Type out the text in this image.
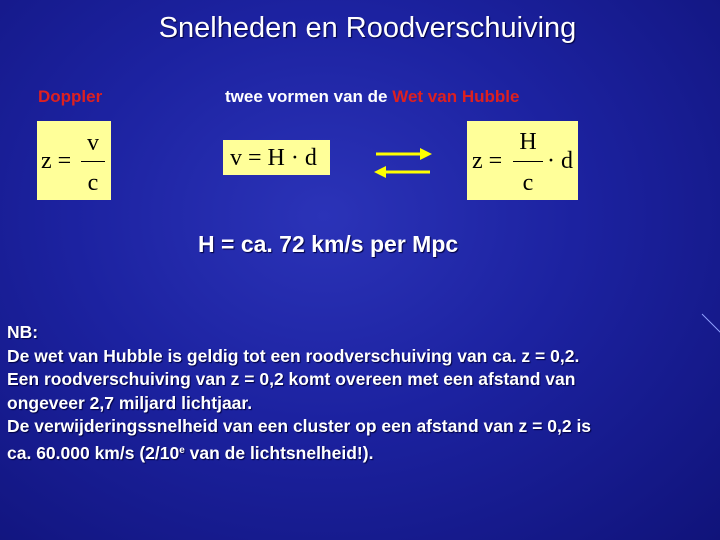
Snelheden en Roodverschuiving
Doppler	twee vormen van de Wet van Hubble
z =
v
c
v = H · d	z =
H
c
· d
H = ca. 72 km/s per Mpc
NB:
De wet van Hubble is geldig tot een roodverschuiving van ca. z = 0,2.
Een roodverschuiving van z = 0,2 komt overeen met een afstand van
ongeveer 2,7 miljard lichtjaar.
De verwijderingssnelheid van een cluster op een afstand van z = 0,2 is
ca. 60.000 km/s (2/10e van de lichtsnelheid!).
